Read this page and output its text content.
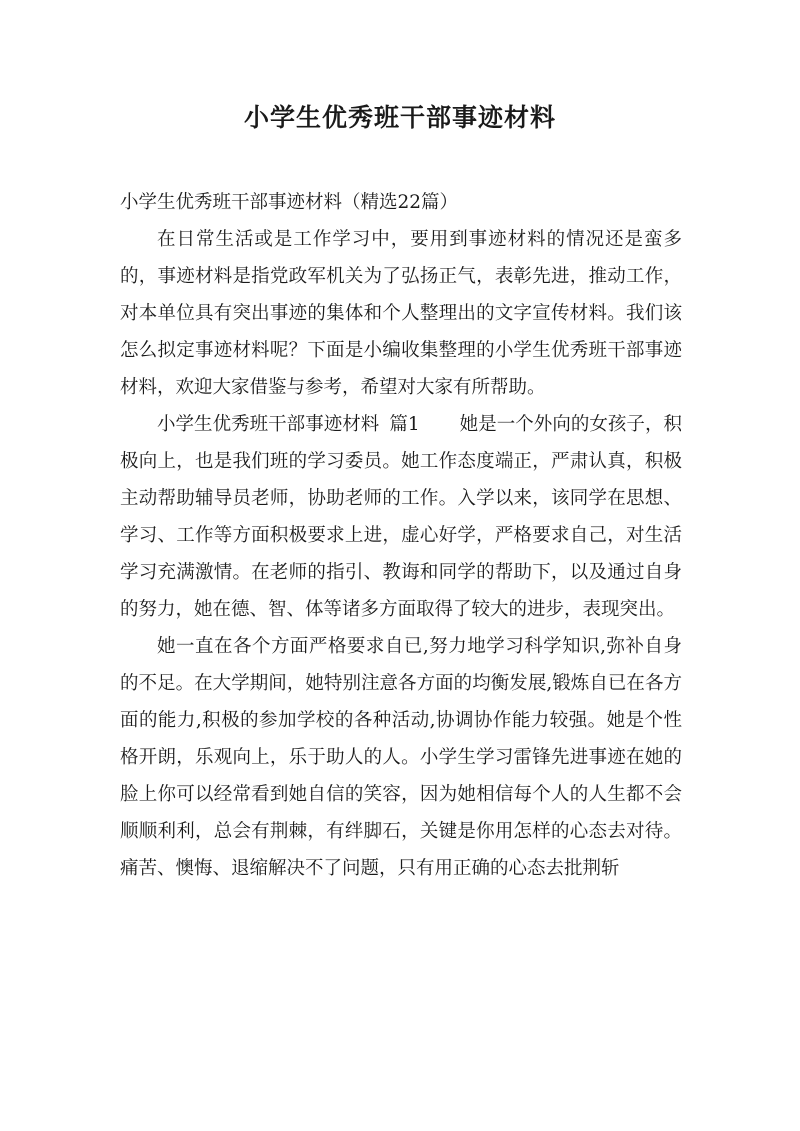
小学生优秀班干部事迹材料

小学生优秀班干部事迹材料（精选22篇）

在日常生活或是工作学习中，要用到事迹材料的情况还是蛮多的，事迹材料是指党政军机关为了弘扬正气，表彰先进，推动工作，对本单位具有突出事迹的集体和个人整理出的文字宣传材料。我们该怎么拟定事迹材料呢？下面是小编收集整理的小学生优秀班干部事迹材料，欢迎大家借鉴与参考，希望对大家有所帮助。

小学生优秀班干部事迹材料 篇1 她是一个外向的女孩子，积极向上，也是我们班的学习委员。她工作态度端正，严肃认真，积极主动帮助辅导员老师，协助老师的工作。入学以来，该同学在思想、学习、工作等方面积极要求上进，虚心好学，严格要求自己，对生活学习充满激情。在老师的指引、教诲和同学的帮助下，以及通过自身的努力，她在德、智、体等诸多方面取得了较大的进步，表现突出。

她一直在各个方面严格要求自已,努力地学习科学知识,弥补自身的不足。在大学期间，她特别注意各方面的均衡发展,锻炼自已在各方面的能力,积极的参加学校的各种活动,协调协作能力较强。她是个性格开朗，乐观向上，乐于助人的人。小学生学习雷锋先进事迹在她的脸上你可以经常看到她自信的笑容，因为她相信每个人的人生都不会顺顺利利，总会有荆棘，有绊脚石，关键是你用怎样的心态去对待。痛苦、懊悔、退缩解决不了问题，只有用正确的心态去批荆斩
